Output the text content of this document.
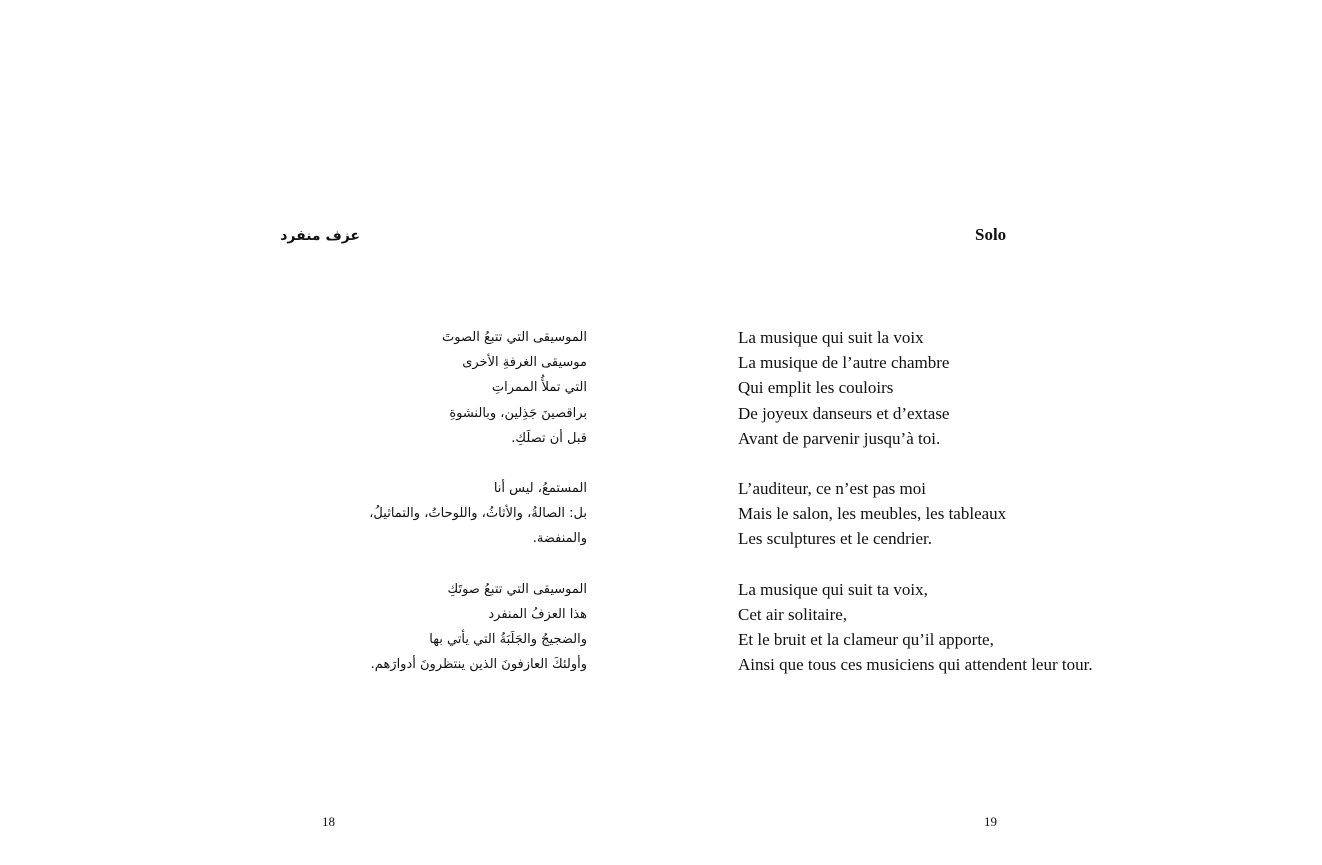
عزف منفرد
الموسيقى التي تتبعُ الصوتَ
موسيقى الغرفةِ الأخرى
التي تملأُ الممراتِ
براقصينَ جَذِلين، وبالنشوةِ
قبل أن تصلَكِ.
المستمعُ، ليس أنا
بل: الصالةُ، والأثاثُ، واللوحاتُ، والتماثيلُ،
والمنفضة.
الموسيقى التي تتبعُ صوتَكِ
هذا العزفُ المنفرد
والضجيجُ والجَلَبَةُ التي يأتي بها
وأولئكَ العازفونَ الذين ينتظرونَ أدوارَهم.
18
Solo
La musique qui suit la voix
La musique de l’autre chambre
Qui emplit les couloirs
De joyeux danseurs et d’extase
Avant de parvenir jusqu’à toi.
L’auditeur, ce n’est pas moi
Mais le salon, les meubles, les tableaux
Les sculptures et le cendrier.
La musique qui suit ta voix,
Cet air solitaire,
Et le bruit et la clameur qu’il apporte,
Ainsi que tous ces musiciens qui attendent leur tour.
19
